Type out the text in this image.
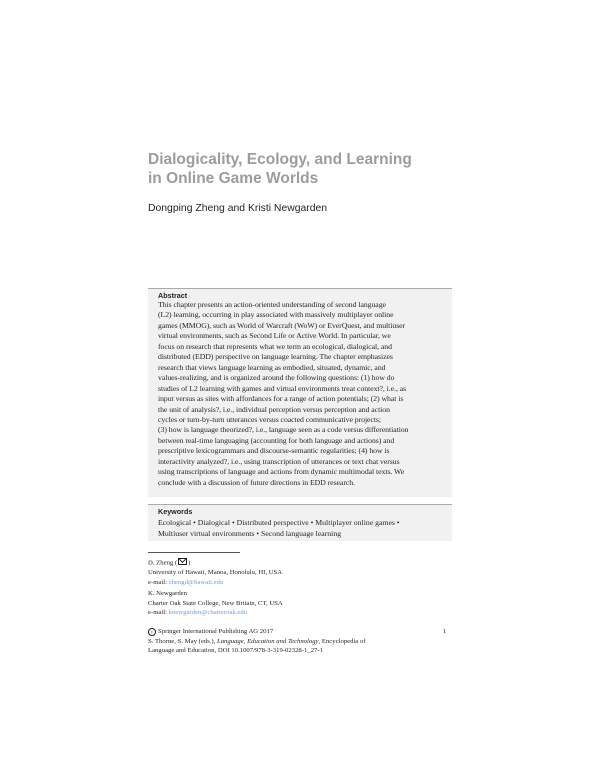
Dialogicality, Ecology, and Learning
in Online Game Worlds

Dongping Zheng and Kristi Newgarden

Abstract
This chapter presents an action-oriented understanding of second language
(L2) learning, occurring in play associated with massively multiplayer online
games (MMOG), such as World of Warcraft (WoW) or EverQuest, and multiuser
virtual environments, such as Second Life or Active World. In particular, we
focus on research that represents what we term an ecological, dialogical, and
distributed (EDD) perspective on language learning. The chapter emphasizes
research that views language learning as embodied, situated, dynamic, and
values-realizing, and is organized around the following questions: (1) how do
studies of L2 learning with games and virtual environments treat context?, i.e., as
input versus as sites with affordances for a range of action potentials; (2) what is
the unit of analysis?, i.e., individual perception versus perception and action
cycles or turn-by-turn utterances versus coacted communicative projects;
(3) how is language theorized?, i.e., language seen as a code versus differentiation
between real-time languaging (accounting for both language and actions) and
prescriptive lexicogrammars and discourse-semantic regularities; (4) how is
interactivity analyzed?, i.e., using transcription of utterances or text chat versus
using transcriptions of language and actions from dynamic multimodal texts. We
conclude with a discussion of future directions in EDD research.
Keywords
Ecological • Dialogical • Distributed perspective • Multiplayer online games •
Multiuser virtual environments • Second language learning
D. Zheng ( )
University of Hawaii, Manoa, Honolulu, HI, USA
e-mail: zhengd@hawaii.edu
K. Newgarden
Charter Oak State College, New Britain, CT, USA
e-mail: knewgarden@charteroak.edu
c Springer International Publishing AG 2017
S. Thorne, S. May (eds.), Language, Education and Technology, Encyclopedia of
Language and Education, DOI 10.1007/978-3-319-02328-1_27-1
1
